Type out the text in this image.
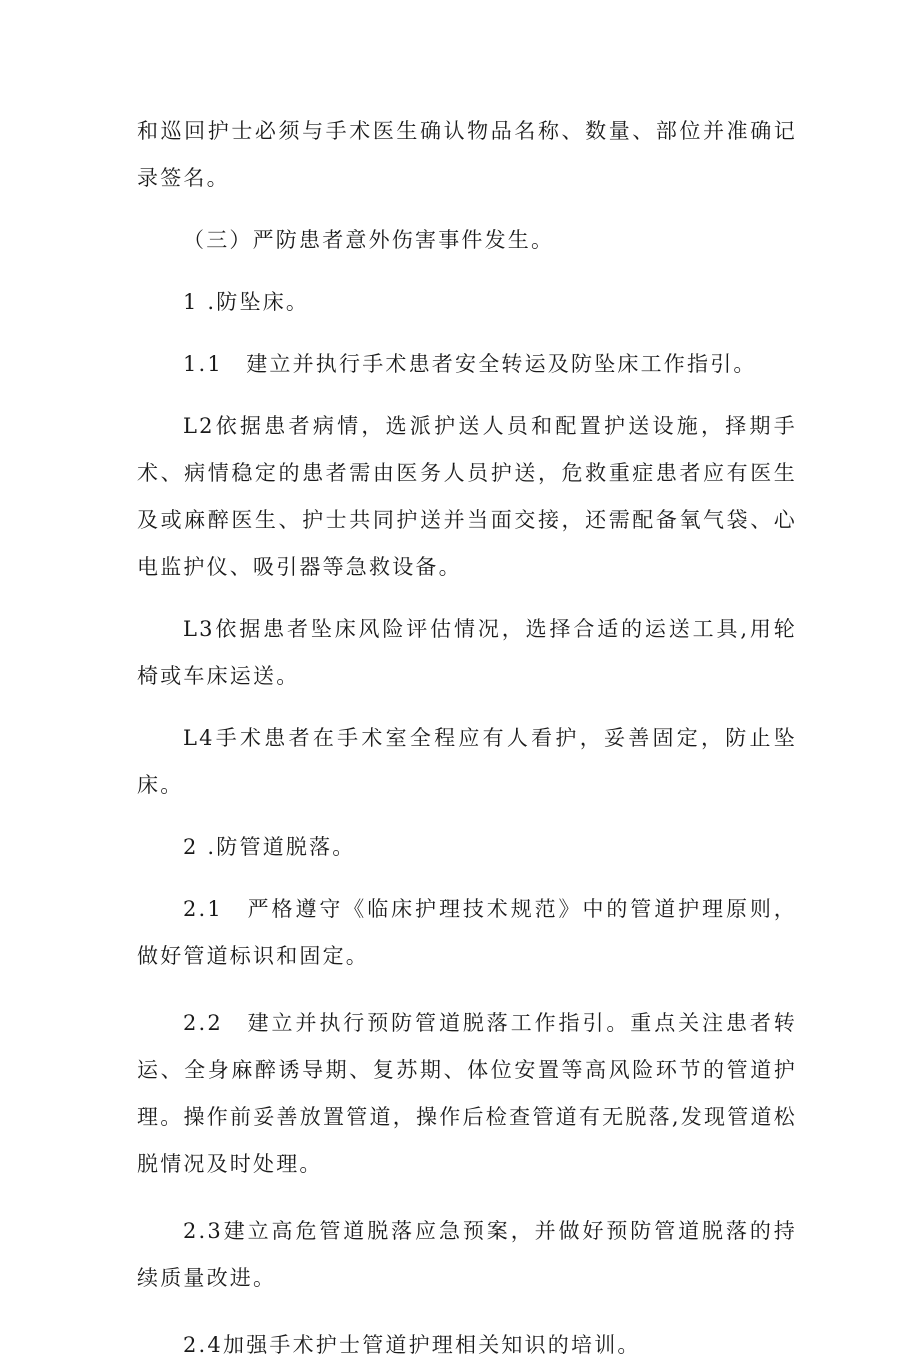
和巡回护士必须与手术医生确认物品名称、数量、部位并准确记录签名。

（三）严防患者意外伤害事件发生。

1 .防坠床。

1.1　建立并执行手术患者安全转运及防坠床工作指引。

L2依据患者病情，选派护送人员和配置护送设施，择期手术、病情稳定的患者需由医务人员护送，危救重症患者应有医生及或麻醉医生、护士共同护送并当面交接，还需配备氧气袋、心电监护仪、吸引器等急救设备。

L3依据患者坠床风险评估情况，选择合适的运送工具,用轮椅或车床运送。

L4手术患者在手术室全程应有人看护，妥善固定，防止坠床。

2 .防管道脱落。

2.1　严格遵守《临床护理技术规范》中的管道护理原则，做好管道标识和固定。

2.2　建立并执行预防管道脱落工作指引。重点关注患者转运、全身麻醉诱导期、复苏期、体位安置等高风险环节的管道护理。操作前妥善放置管道，操作后检查管道有无脱落,发现管道松脱情况及时处理。

2.3建立高危管道脱落应急预案，并做好预防管道脱落的持续质量改进。

2.4加强手术护士管道护理相关知识的培训。
